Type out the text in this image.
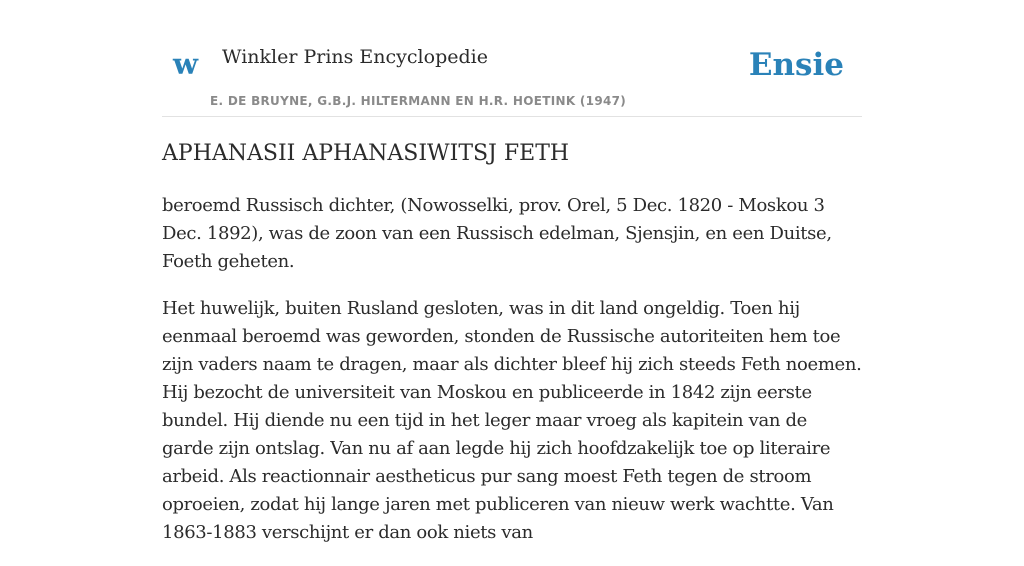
w Winkler Prins Encyclopedie
E. DE BRUYNE, G.B.J. HILTERMANN EN H.R. HOETINK (1947)
Ensie
APHANASII APHANASIWITSJ FETH

beroemd Russisch dichter, (Nowosselki, prov. Orel, 5 Dec. 1820 - Moskou 3 Dec. 1892), was de zoon van een Russisch edelman, Sjensjin, en een Duitse, Foeth geheten.

Het huwelijk, buiten Rusland gesloten, was in dit land ongeldig. Toen hij eenmaal beroemd was geworden, stonden de Russische autoriteiten hem toe zijn vaders naam te dragen, maar als dichter bleef hij zich steeds Feth noemen. Hij bezocht de universiteit van Moskou en publiceerde in 1842 zijn eerste bundel. Hij diende nu een tijd in het leger maar vroeg als kapitein van de garde zijn ontslag. Van nu af aan legde hij zich hoofdzakelijk toe op literaire arbeid. Als reactionnair aestheticus pur sang moest Feth tegen de stroom oproeien, zodat hij lange jaren met publiceren van nieuw werk wachtte. Van 1863-1883 verschijnt er dan ook niets van
